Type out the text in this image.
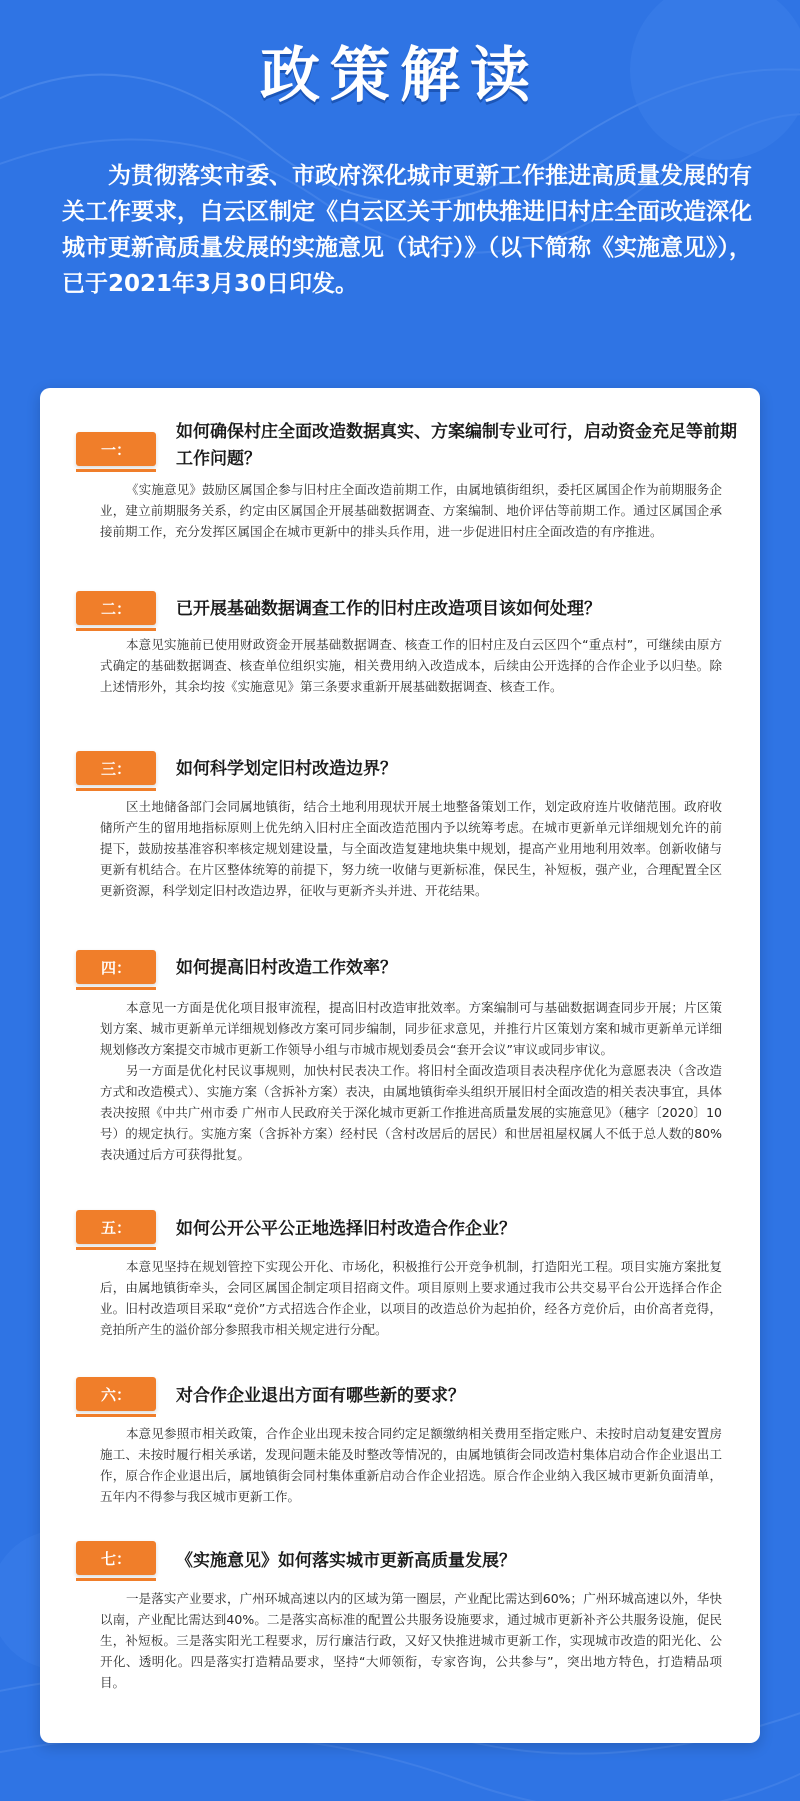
政策解读
为贯彻落实市委、市政府深化城市更新工作推进高质量发展的有关工作要求，白云区制定《白云区关于加快推进旧村庄全面改造深化城市更新高质量发展的实施意见（试行）》（以下简称《实施意见》），已于2021年3月30日印发。
一：
如何确保村庄全面改造数据真实、方案编制专业可行，启动资金充足等前期工作问题？

《实施意见》鼓励区属国企参与旧村庄全面改造前期工作，由属地镇街组织，委托区属国企作为前期服务企业，建立前期服务关系，约定由区属国企开展基础数据调查、方案编制、地价评估等前期工作。通过区属国企承接前期工作，充分发挥区属国企在城市更新中的排头兵作用，进一步促进旧村庄全面改造的有序推进。

二：	已开展基础数据调查工作的旧村庄改造项目该如何处理？

本意见实施前已使用财政资金开展基础数据调查、核查工作的旧村庄及白云区四个“重点村”，可继续由原方式确定的基础数据调查、核查单位组织实施，相关费用纳入改造成本，后续由公开选择的合作企业予以归垫。除上述情形外，其余均按《实施意见》第三条要求重新开展基础数据调查、核查工作。

三：	如何科学划定旧村改造边界？

区土地储备部门会同属地镇街，结合土地利用现状开展土地整备策划工作，划定政府连片收储范围。政府收储所产生的留用地指标原则上优先纳入旧村庄全面改造范围内予以统筹考虑。在城市更新单元详细规划允许的前提下，鼓励按基准容积率核定规划建设量，与全面改造复建地块集中规划，提高产业用地利用效率。创新收储与更新有机结合。在片区整体统筹的前提下，努力统一收储与更新标准，保民生，补短板，强产业，合理配置全区更新资源，科学划定旧村改造边界，征收与更新齐头并进、开花结果。

四：	如何提高旧村改造工作效率？

本意见一方面是优化项目报审流程，提高旧村改造审批效率。方案编制可与基础数据调查同步开展；片区策划方案、城市更新单元详细规划修改方案可同步编制，同步征求意见，并推行片区策划方案和城市更新单元详细规划修改方案提交市城市更新工作领导小组与市城市规划委员会“套开会议”审议或同步审议。

另一方面是优化村民议事规则，加快村民表决工作。将旧村全面改造项目表决程序优化为意愿表决（含改造方式和改造模式）、实施方案（含拆补方案）表决，由属地镇街牵头组织开展旧村全面改造的相关表决事宜，具体表决按照《中共广州市委 广州市人民政府关于深化城市更新工作推进高质量发展的实施意见》（穗字〔2020〕10号）的规定执行。实施方案（含拆补方案）经村民（含村改居后的居民）和世居祖屋权属人不低于总人数的80%表决通过后方可获得批复。

五：	如何公开公平公正地选择旧村改造合作企业？

本意见坚持在规划管控下实现公开化、市场化，积极推行公开竞争机制，打造阳光工程。项目实施方案批复后，由属地镇街牵头，会同区属国企制定项目招商文件。项目原则上要求通过我市公共交易平台公开选择合作企业。旧村改造项目采取“竞价”方式招选合作企业，以项目的改造总价为起拍价，经各方竞价后，由价高者竞得，竞拍所产生的溢价部分参照我市相关规定进行分配。

六：	对合作企业退出方面有哪些新的要求？

本意见参照市相关政策，合作企业出现未按合同约定足额缴纳相关费用至指定账户、未按时启动复建安置房施工、未按时履行相关承诺，发现问题未能及时整改等情况的，由属地镇街会同改造村集体启动合作企业退出工作，原合作企业退出后，属地镇街会同村集体重新启动合作企业招选。原合作企业纳入我区城市更新负面清单，五年内不得参与我区城市更新工作。

七：	《实施意见》如何落实城市更新高质量发展？

一是落实产业要求，广州环城高速以内的区域为第一圈层，产业配比需达到60%；广州环城高速以外，华快以南，产业配比需达到40%。二是落实高标准的配置公共服务设施要求，通过城市更新补齐公共服务设施，促民生，补短板。三是落实阳光工程要求，厉行廉洁行政，又好又快推进城市更新工作，实现城市改造的阳光化、公开化、透明化。四是落实打造精品要求，坚持“大师领衔，专家咨询，公共参与”，突出地方特色，打造精品项目。
